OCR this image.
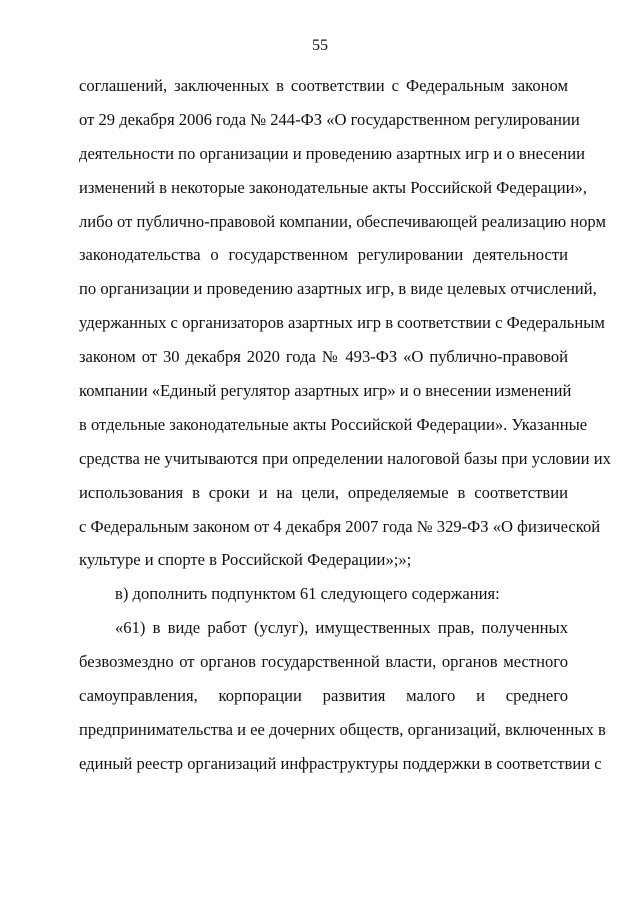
55
соглашений, заключенных в соответствии с Федеральным законом
от 29 декабря 2006 года № 244-ФЗ «О государственном регулировании
деятельности по организации и проведению азартных игр и о внесении
изменений в некоторые законодательные акты Российской Федерации»,
либо от публично-правовой компании, обеспечивающей реализацию норм
законодательства о государственном регулировании деятельности
по организации и проведению азартных игр, в виде целевых отчислений,
удержанных с организаторов азартных игр в соответствии с Федеральным
законом от 30 декабря 2020 года № 493-ФЗ «О публично-правовой
компании «Единый регулятор азартных игр» и о внесении изменений
в отдельные законодательные акты Российской Федерации». Указанные
средства не учитываются при определении налоговой базы при условии их
использования в сроки и на цели, определяемые в соответствии
с Федеральным законом от 4 декабря 2007 года № 329-ФЗ «О физической
культуре и спорте в Российской Федерации»;»;
в) дополнить подпунктом 61 следующего содержания:
«61) в виде работ (услуг), имущественных прав, полученных
безвозмездно от органов государственной власти, органов местного
самоуправления, корпорации развития малого и среднего
предпринимательства и ее дочерних обществ, организаций, включенных в
единый реестр организаций инфраструктуры поддержки в соответствии с
